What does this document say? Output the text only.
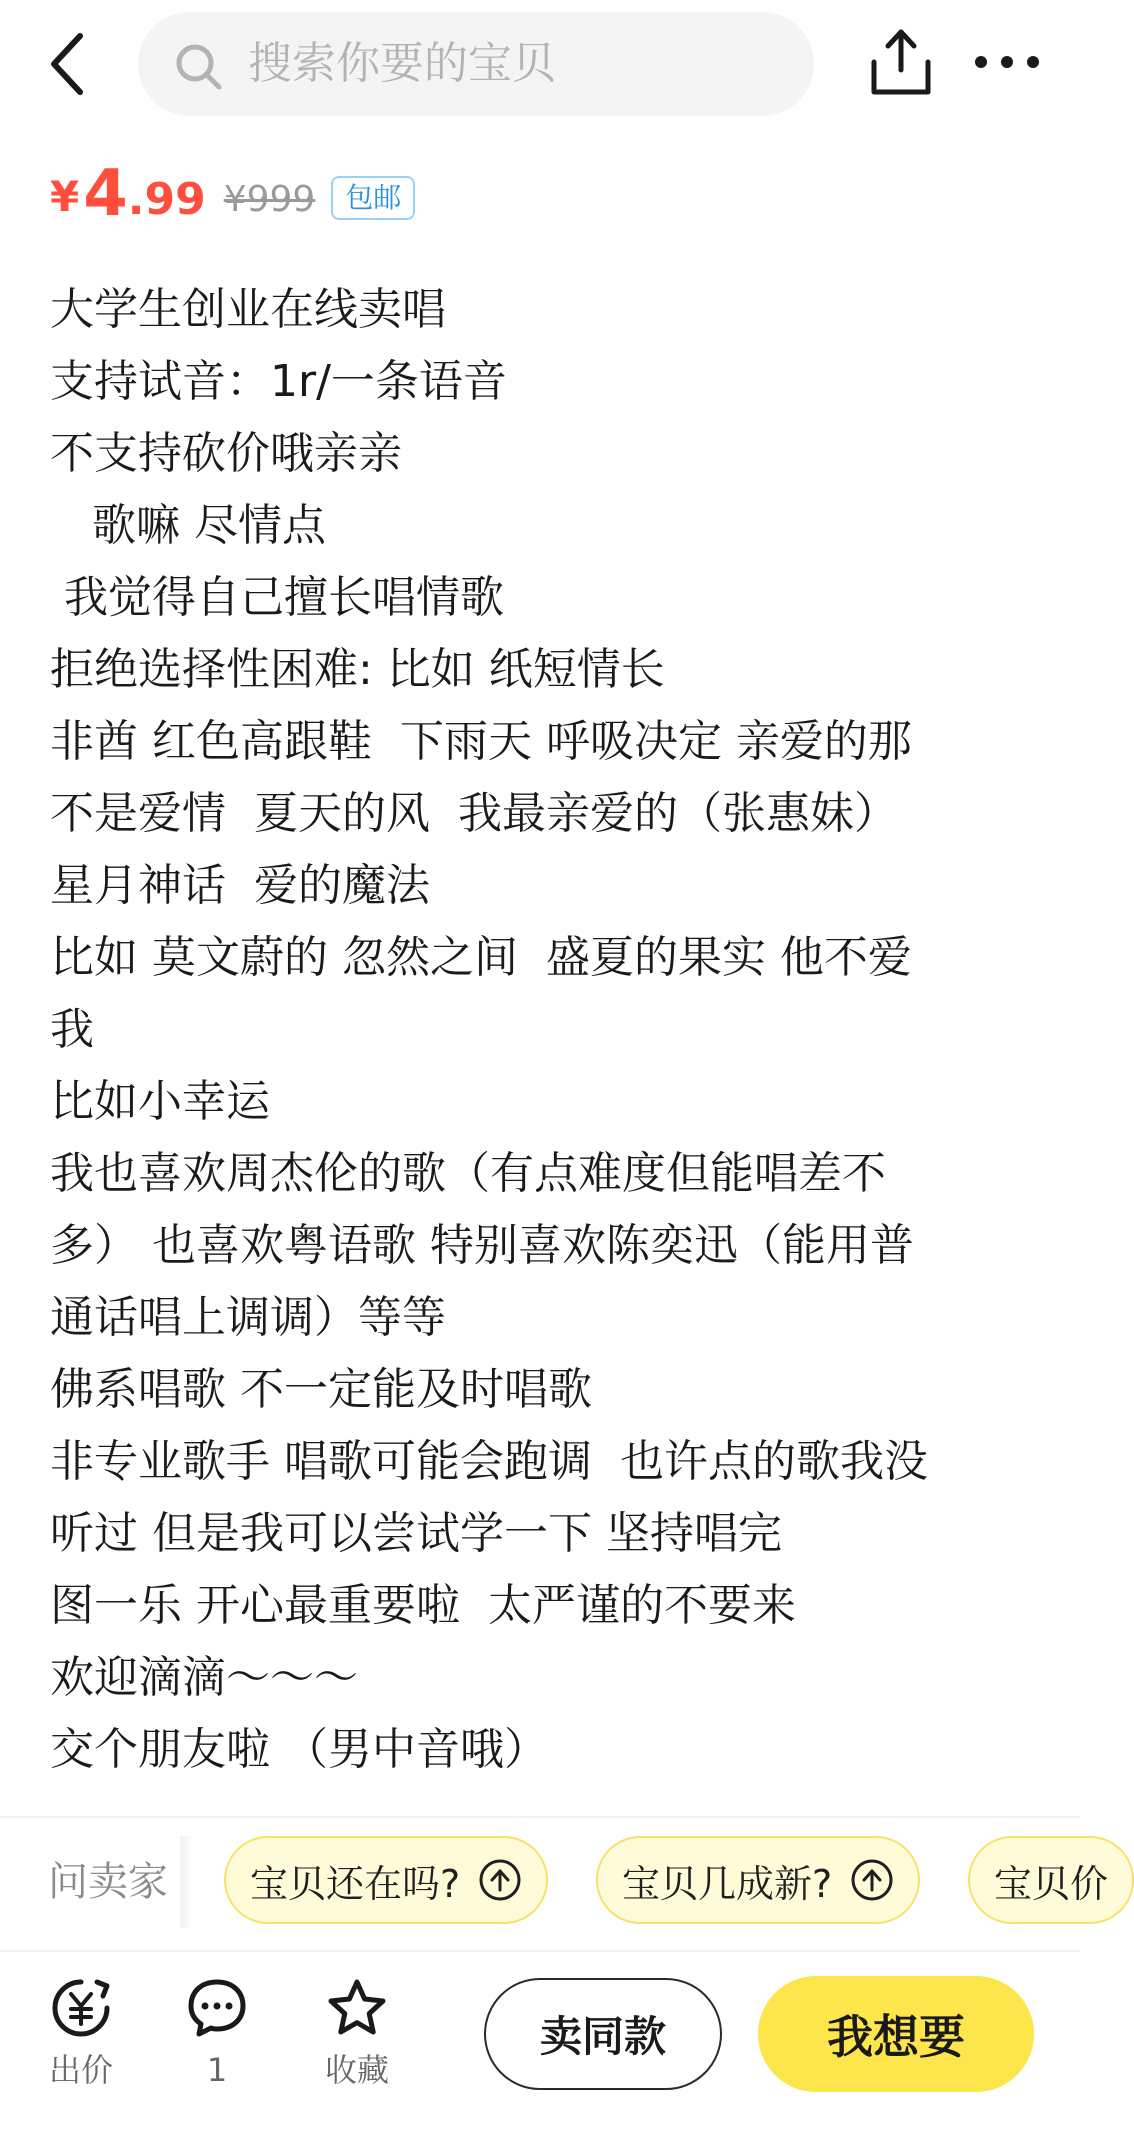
搜索你要的宝贝
¥ 4 .99 ¥999	包邮
大学生创业在线卖唱
支持试音：1r/一条语音
不支持砍价哦亲亲
歌嘛 尽情点
我觉得自己擅长唱情歌
拒绝选择性困难: 比如 纸短情长
非酋 红色高跟鞋  下雨天 呼吸决定 亲爱的那
不是爱情  夏天的风  我最亲爱的（张惠妹）
星月神话  爱的魔法
比如 莫文蔚的 忽然之间  盛夏的果实 他不爱
我
比如小幸运
我也喜欢周杰伦的歌（有点难度但能唱差不
多） 也喜欢粤语歌 特别喜欢陈奕迅（能用普
通话唱上调调）等等
佛系唱歌 不一定能及时唱歌
非专业歌手 唱歌可能会跑调  也许点的歌我没
听过 但是我可以尝试学一下 坚持唱完
图一乐 开心最重要啦  太严谨的不要来
欢迎滴滴～～～
交个朋友啦 （男中音哦）
问卖家 宝贝还在吗?	宝贝几成新?	宝贝价
出价	1	收藏
卖同款	我想要
